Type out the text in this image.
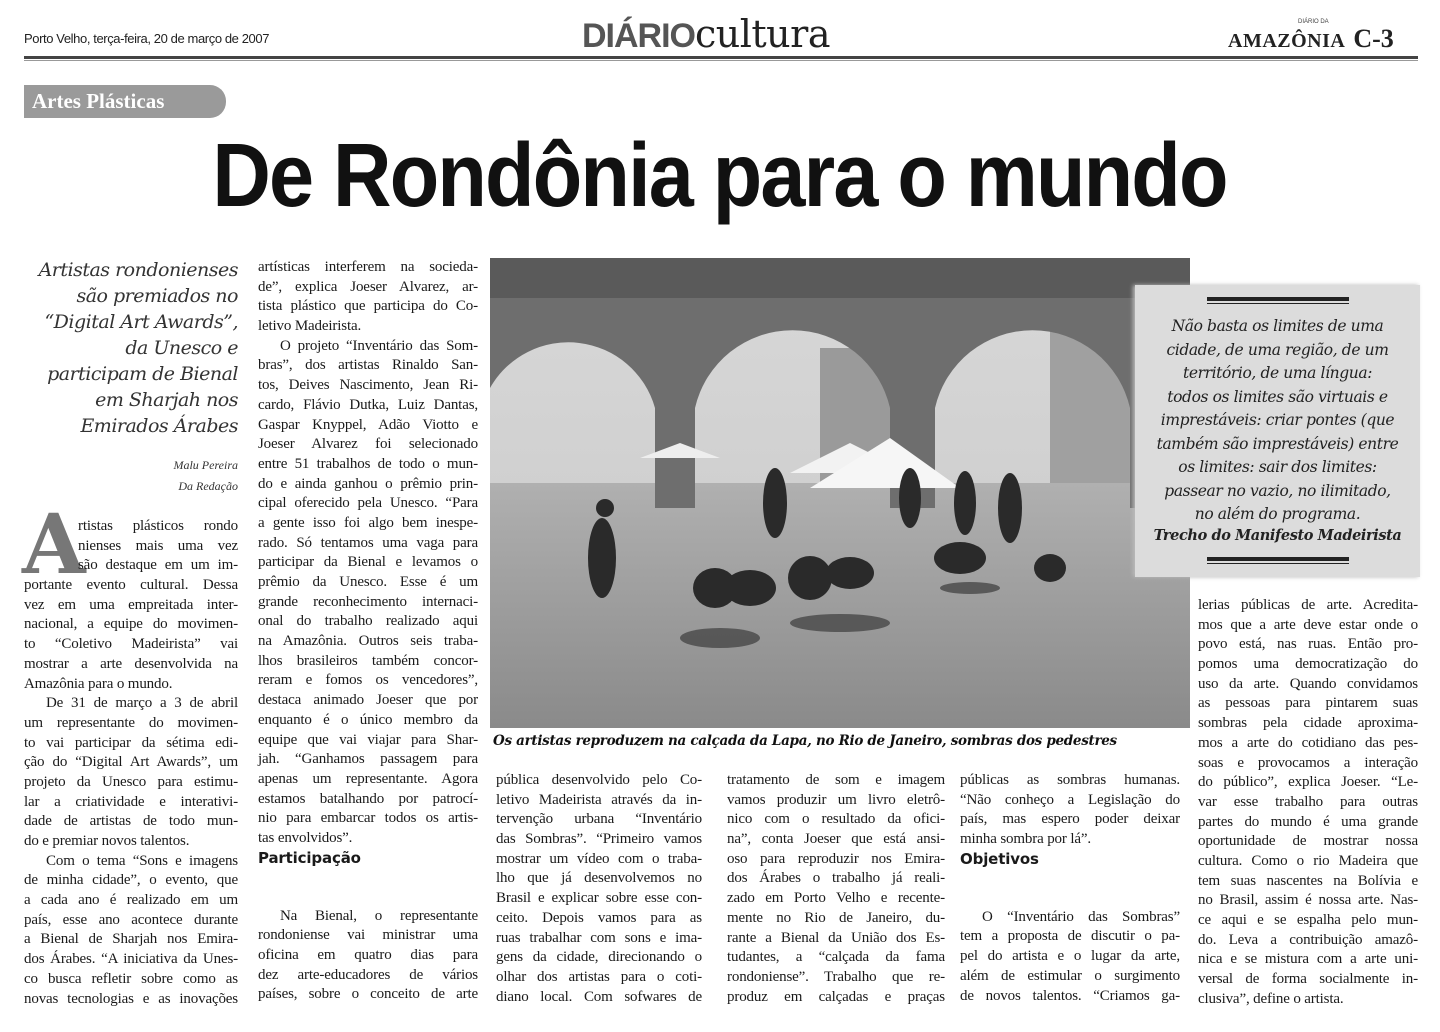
Porto Velho, terça-feira, 20 de março de 2007	DIÁRIOcultura	DIÁRIO DA
AMAZÔNIA C-3
Artes Plásticas
De Rondônia para o mundo
Artistas rondonienses
são premiados no
“Digital Art Awards”,
da Unesco e
participam de Bienal
em Sharjah nos
Emirados Árabes
Malu Pereira
Da Redação
A
rtistas plásticos rondo
nienses mais uma vez
são destaque em um im-
portante evento cultural. Dessa
vez em uma empreitada inter-
nacional, a equipe do movimen-
to “Coletivo Madeirista” vai
mostrar a arte desenvolvida na
Amazônia para o mundo.
De 31 de março a 3 de abril
um representante do movimen-
to vai participar da sétima edi-
ção do “Digital Art Awards”, um
projeto da Unesco para estimu-
lar a criatividade e interativi-
dade de artistas de todo mun-
do e premiar novos talentos.
Com o tema “Sons e imagens
de minha cidade”, o evento, que
a cada ano é realizado em um
país, esse ano acontece durante
a Bienal de Sharjah nos Emira-
dos Árabes. “A iniciativa da Unes-
co busca refletir sobre como as
novas tecnologias e as inovações
artísticas interferem na socieda-
de”, explica Joeser Alvarez, ar-
tista plástico que participa do Co-
letivo Madeirista.
O projeto “Inventário das Som-
bras”, dos artistas Rinaldo San-
tos, Deives Nascimento, Jean Ri-
cardo, Flávio Dutka, Luiz Dantas,
Gaspar Knyppel, Adão Viotto e
Joeser Alvarez foi selecionado
entre 51 trabalhos de todo o mun-
do e ainda ganhou o prêmio prin-
cipal oferecido pela Unesco. “Para
a gente isso foi algo bem inespe-
rado. Só tentamos uma vaga para
participar da Bienal e levamos o
prêmio da Unesco. Esse é um
grande reconhecimento internaci-
onal do trabalho realizado aqui
na Amazônia. Outros seis traba-
lhos brasileiros também concor-
reram e fomos os vencedores”,
destaca animado Joeser que por
enquanto é o único membro da
equipe que vai viajar para Shar-
jah. “Ganhamos passagem para
apenas um representante. Agora
estamos batalhando por patrocí-
nio para embarcar todos os artis-
tas envolvidos”.
Participação
Na Bienal, o representante
rondoniense vai ministrar uma
oficina em quatro dias para
dez arte-educadores de vários
países, sobre o conceito de arte
pública desenvolvido pelo Co-
letivo Madeirista através da in-
tervenção urbana “Inventário
das Sombras”. “Primeiro vamos
mostrar um vídeo com o traba-
lho que já desenvolvemos no
Brasil e explicar sobre esse con-
ceito. Depois vamos para as
ruas trabalhar com sons e ima-
gens da cidade, direcionando o
olhar dos artistas para o coti-
diano local. Com sofwares de
tratamento de som e imagem
vamos produzir um livro eletrô-
nico com o resultado da ofici-
na”, conta Joeser que está ansi-
oso para reproduzir nos Emira-
dos Árabes o trabalho já reali-
zado em Porto Velho e recente-
mente no Rio de Janeiro, du-
rante a Bienal da União dos Es-
tudantes, a “calçada da fama
rondoniense”. Trabalho que re-
produz em calçadas e praças
públicas as sombras humanas.
“Não conheço a Legislação do
país, mas espero poder deixar
minha sombra por lá”.
Objetivos
O “Inventário das Sombras”
tem a proposta de discutir o pa-
pel do artista e o lugar da arte,
além de estimular o surgimento
de novos talentos. “Criamos ga-
lerias públicas de arte. Acredita-
mos que a arte deve estar onde o
povo está, nas ruas. Então pro-
pomos uma democratização do
uso da arte. Quando convidamos
as pessoas para pintarem suas
sombras pela cidade aproxima-
mos a arte do cotidiano das pes-
soas e provocamos a interação
do público”, explica Joeser. “Le-
var esse trabalho para outras
partes do mundo é uma grande
oportunidade de mostrar nossa
cultura. Como o rio Madeira que
tem suas nascentes na Bolívia e
no Brasil, assim é nossa arte. Nas-
ce aqui e se espalha pelo mun-
do. Leva a contribuição amazô-
nica e se mistura com a arte uni-
versal de forma socialmente in-
clusiva”, define o artista.
Os artistas reproduzem na calçada da Lapa, no Rio de Janeiro, sombras dos pedestres
Não basta os limites de uma
cidade, de uma região, de um
território, de uma língua:
todos os limites são virtuais e
imprestáveis: criar pontes (que
também são imprestáveis) entre
os limites: sair dos limites:
passear no vazio, no ilimitado,
no além do programa.
Trecho do Manifesto Madeirista
